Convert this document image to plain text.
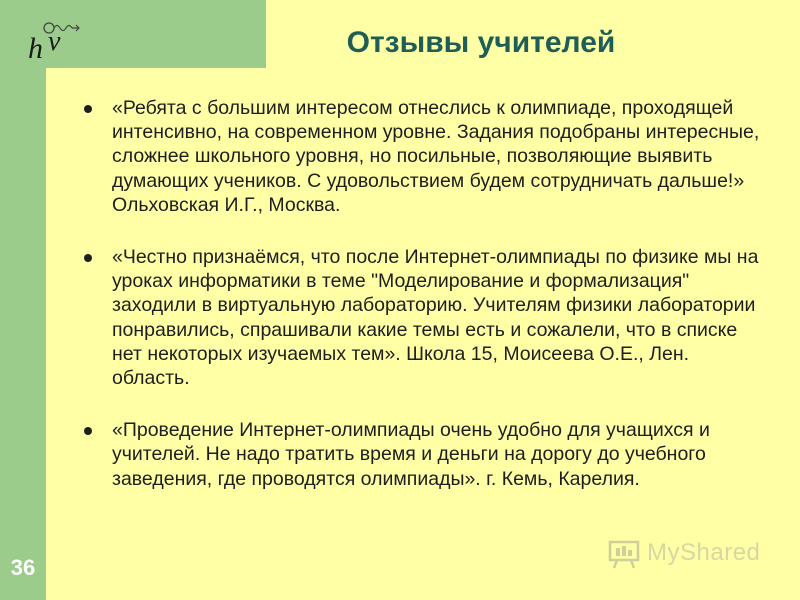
h ν	Отзывы учителей
«Ребята с большим интересом отнеслись к олимпиаде, проходящей интенсивно, на современном уровне. Задания подобраны интересные, сложнее школьного уровня, но посильные, позволяющие выявить думающих учеников. С удовольствием будем сотрудничать дальше!» Ольховская И.Г., Москва.
«Честно признаёмся, что после Интернет-олимпиады по физике мы на уроках информатики в теме "Моделирование и формализация" заходили в виртуальную лабораторию. Учителям физики лаборатории понравились, спрашивали какие темы есть и сожалели, что в списке нет некоторых изучаемых тем». Школа 15, Моисеева О.Е., Лен. область.
«Проведение Интернет-олимпиады очень удобно для учащихся и учителей. Не надо тратить время и деньги на дорогу до учебного заведения, где проводятся олимпиады». г. Кемь, Карелия.
36
MyShared
